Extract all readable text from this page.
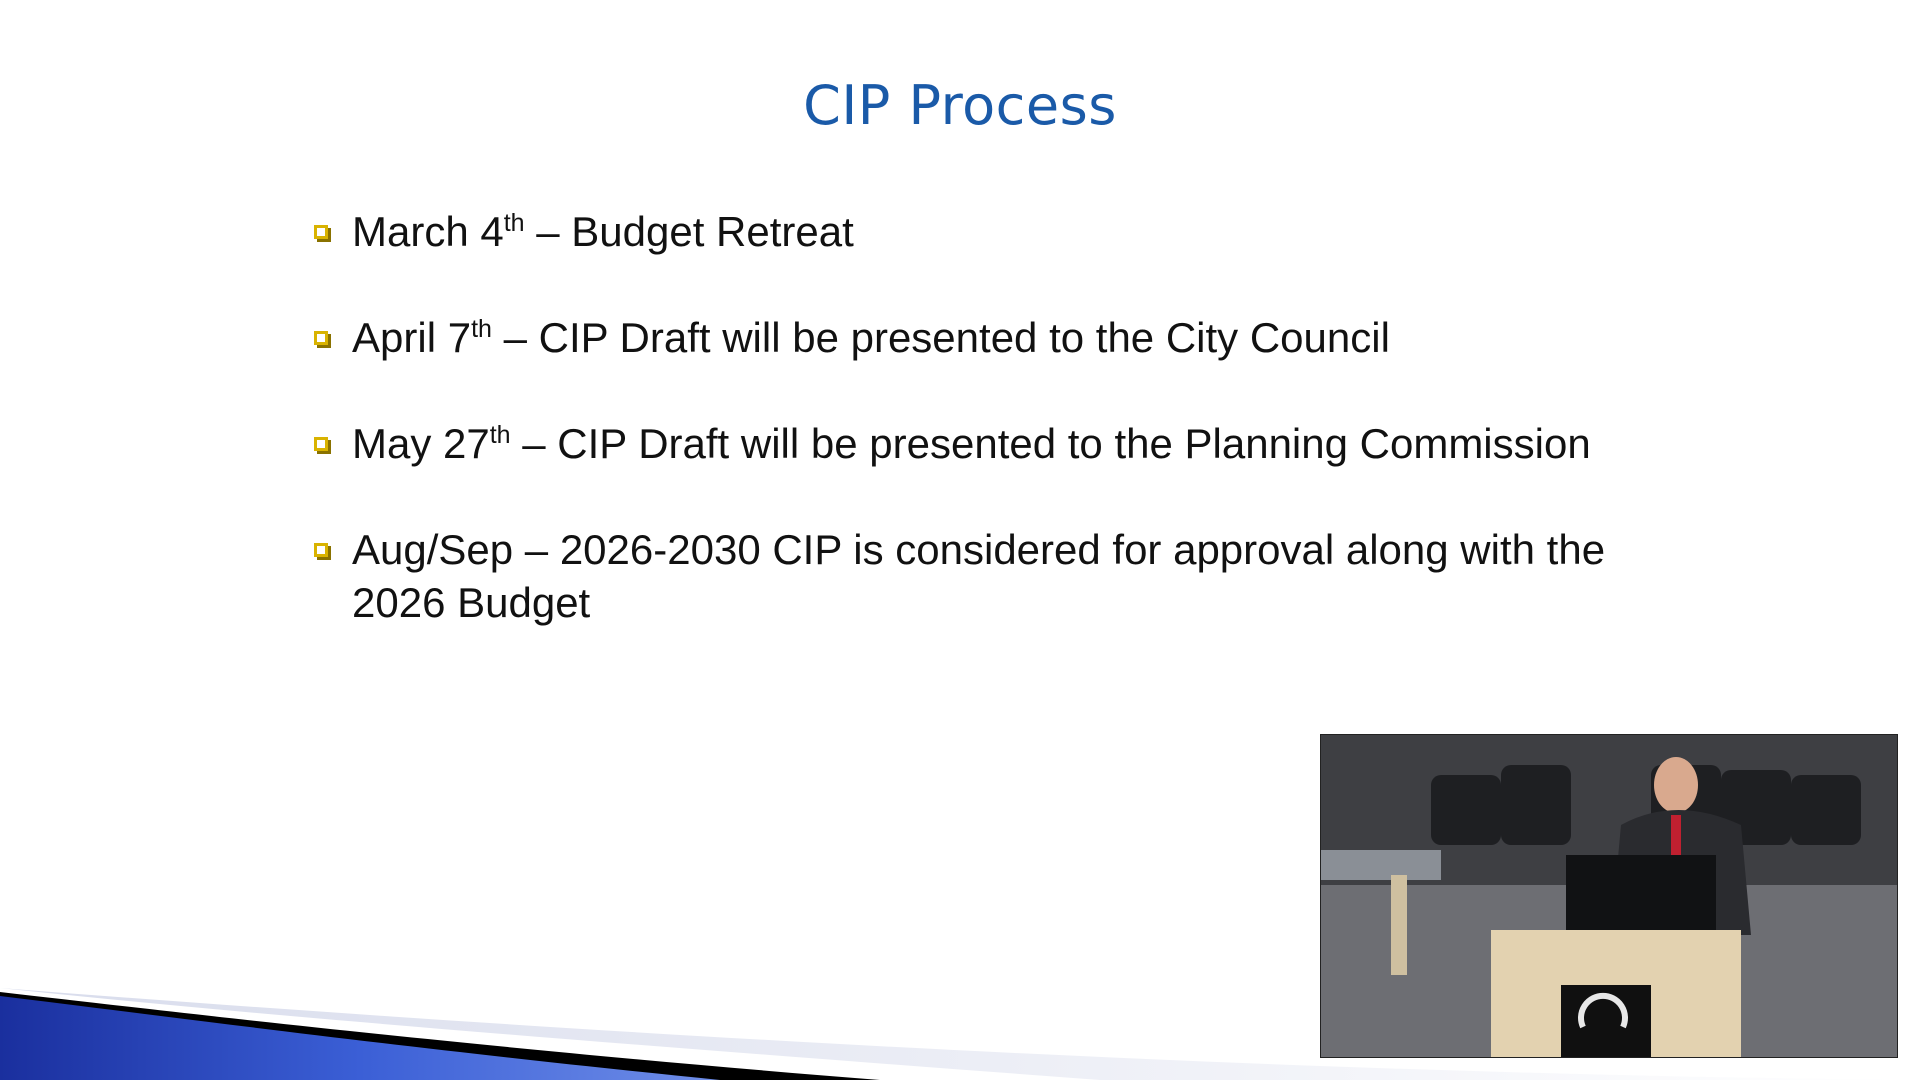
CIP Process
March 4th – Budget Retreat
April 7th – CIP Draft will be presented to the City Council
May 27th – CIP Draft will be presented to the Planning Commission
Aug/Sep – 2026-2030 CIP is considered for approval along with the 2026 Budget
